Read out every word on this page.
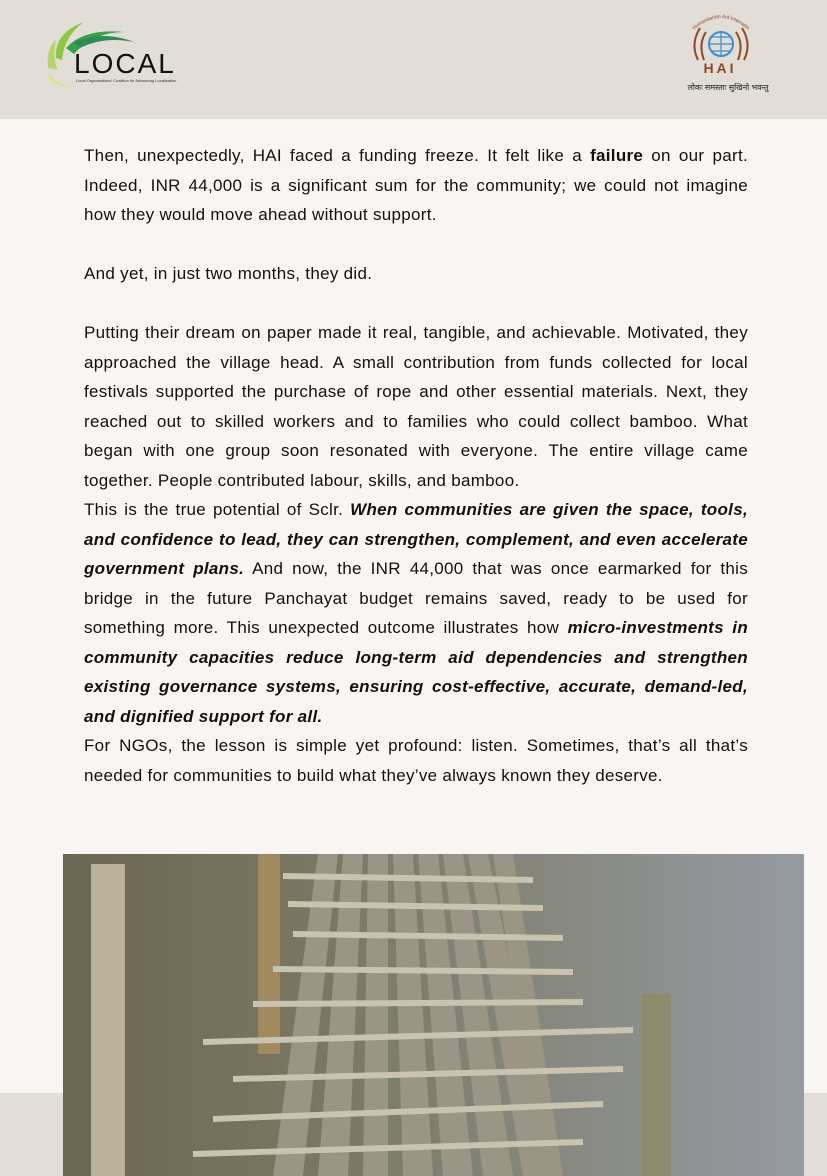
LOCAL
Local Organisations' Coalition for Advancing Localisation
Humanitarian Aid Internatio
HAI
लोकः समस्ताः सुखिनो भवन्तु

Then, unexpectedly, HAI faced a funding freeze. It felt like a failure on our part. Indeed, INR 44,000 is a significant sum for the community; we could not imagine how they would move ahead without support.

And yet, in just two months, they did.

Putting their dream on paper made it real, tangible, and achievable. Motivated, they approached the village head. A small contribution from funds collected for local festivals supported the purchase of rope and other essential materials. Next, they reached out to skilled workers and to families who could collect bamboo. What began with one group soon resonated with everyone. The entire village came together. People contributed labour, skills, and bamboo.

This is the true potential of Sclr. When communities are given the space, tools, and confidence to lead, they can strengthen, complement, and even accelerate government plans. And now, the INR 44,000 that was once earmarked for this bridge in the future Panchayat budget remains saved, ready to be used for something more. This unexpected outcome illustrates how micro-investments in community capacities reduce long-term aid dependencies and strengthen existing governance systems, ensuring cost-effective, accurate, demand-led, and dignified support for all.

For NGOs, the lesson is simple yet profound: listen. Sometimes, that’s all that’s needed for communities to build what they’ve always known they deserve.
